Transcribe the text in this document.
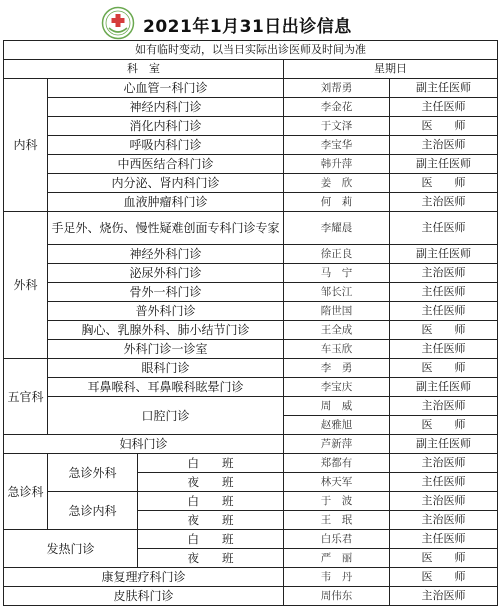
2021年1月31日出诊信息
如有临时变动，以当日实际出诊医师及时间为准				
科　室			星期日	
内科	心血管一科门诊		刘帮勇	副主任医师
	神经内科门诊		李金花	主任医师
	消化内科门诊		于文泽	医　　师
	呼吸内科门诊		李宝华	主治医师
	中西医结合科门诊		韩升萍	副主任医师
	内分泌、肾内科门诊		姜　欣	医　　师
	血液肿瘤科门诊		何　莉	主治医师
外科	手足外、烧伤、慢性疑难创面专科门诊专家		李耀晨	主任医师
	神经外科门诊		徐正良	副主任医师
	泌尿外科门诊		马　宁	主治医师
	骨外一科门诊		邹长江	主任医师
	普外科门诊		隋世国	主任医师
	胸心、乳腺外科、肺小结节门诊		王全成	医　　师
	外科门诊一诊室		车玉欣	主任医师
五官科	眼科门诊		李　勇	医　　师
	耳鼻喉科、耳鼻喉科眩晕门诊		李宝庆	副主任医师
	口腔门诊		周　威	主治医师
			赵雅旭	医　　师
妇科门诊			芦新萍	副主任医师
急诊科	急诊外科	白　　班	郑都有	主治医师
		夜　　班	林天军	主任医师
	急诊内科	白　　班	于　波	主治医师
		夜　　班	王　珉	主治医师
发热门诊		白　　班	白乐君	主任医师
		夜　　班	严　丽	医　　师
康复理疗科门诊			韦　丹	医　　师
皮肤科门诊			周伟东	主治医师
